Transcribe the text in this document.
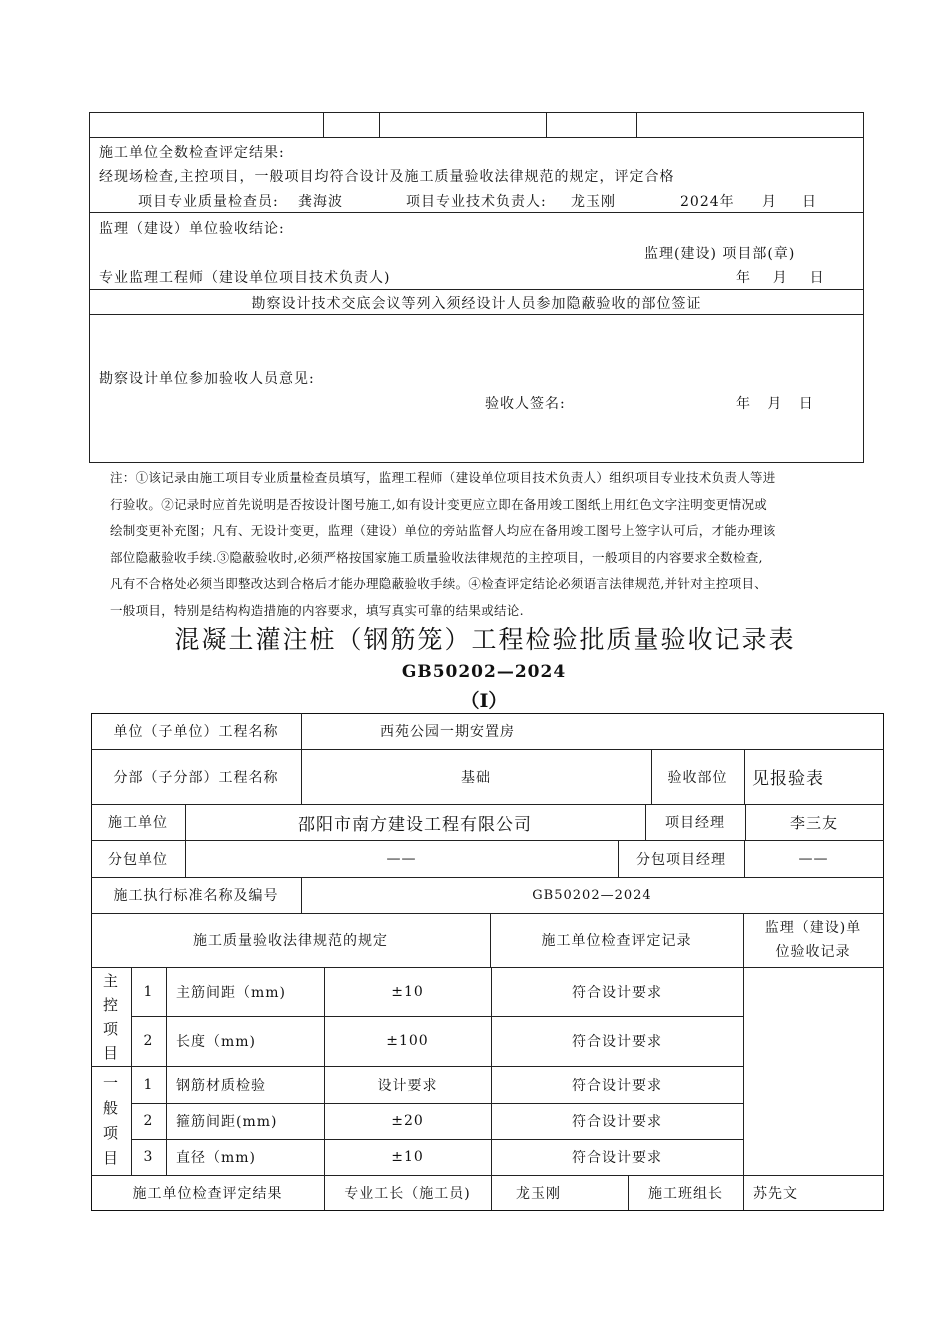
施工单位全数检查评定结果:
经现场检查,主控项目，一般项目均符合设计及施工质量验收法律规范的规定，评定合格
项目专业质量检查员: 龚海波	项目专业技术负责人: 龙玉刚	2024年 月 日
监理（建设）单位验收结论:
监理(建设) 项目部(章)
专业监理工程师（建设单位项目技术负责人)	年    月    日
勘察设计技术交底会议等列入须经设计人员参加隐蔽验收的部位签证
勘察设计单位参加验收人员意见:
验收人签名:	年   月   日
注：①该记录由施工项目专业质量检查员填写，监理工程师（建设单位项目技术负责人）组织项目专业技术负责人等进
行验收。②记录时应首先说明是否按设计图号施工,如有设计变更应立即在备用竣工图纸上用红色文字注明变更情况或
绘制变更补充图；凡有、无设计变更，监理（建设）单位的旁站监督人均应在备用竣工图号上签字认可后，才能办理该
部位隐蔽验收手续.③隐蔽验收时,必须严格按国家施工质量验收法律规范的主控项目，一般项目的内容要求全数检查,
凡有不合格处必须当即整改达到合格后才能办理隐蔽验收手续。④检查评定结论必须语言法律规范,并针对主控项目、
一般项目，特别是结构构造措施的内容要求，填写真实可靠的结果或结论.
混凝土灌注桩（钢筋笼）工程检验批质量验收记录表
GB50202—2024
（Ⅰ）
单位（子单位）工程名称	西苑公园一期安置房
分部（子分部）工程名称	基础	验收部位	见报验表
施工单位	邵阳市南方建设工程有限公司	项目经理	李三友
分包单位	——	分包项目经理	——
施工执行标准名称及编号	GB50202—2024
施工质量验收法律规范的规定	施工单位检查评定记录
监理（建设)单
位验收记录
主
控
项
目
一
般
项
目
1	主筋间距（mm)	±10	符合设计要求
2	长度（mm)	±100	符合设计要求
1	钢筋材质检验	设计要求	符合设计要求
2	箍筋间距(mm)	±20	符合设计要求
3	直径（mm)	±10	符合设计要求
施工单位检查评定结果	专业工长（施工员)	龙玉刚	施工班组长	苏先文
